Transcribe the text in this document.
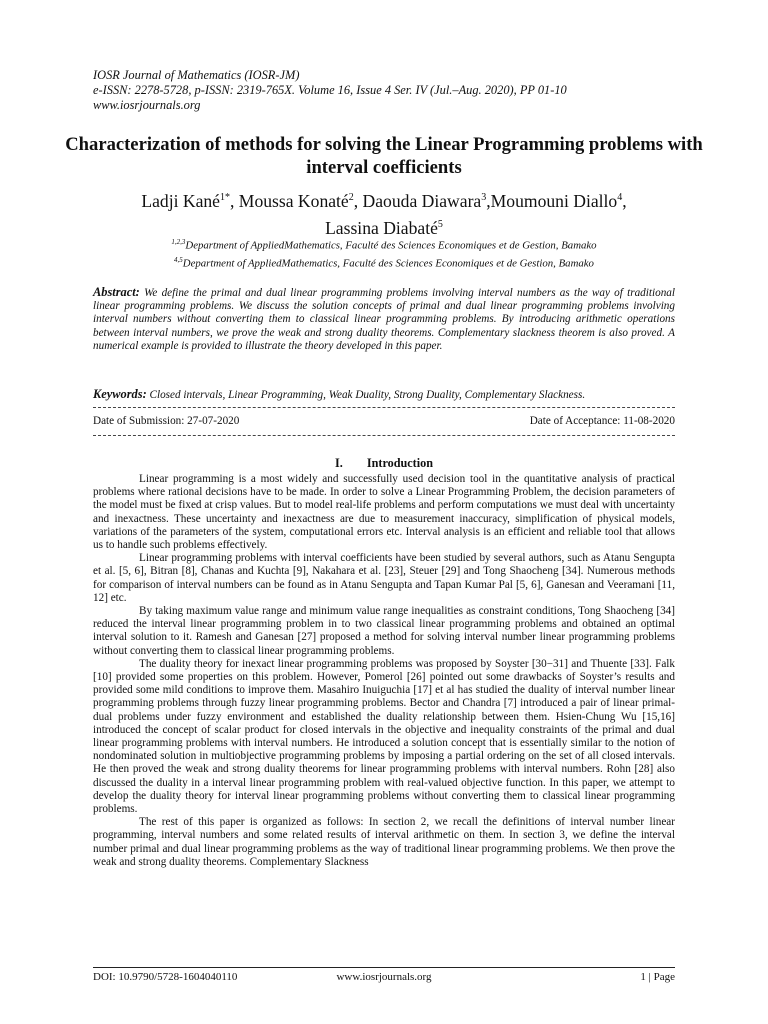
IOSR Journal of Mathematics (IOSR-JM)
e-ISSN: 2278-5728, p-ISSN: 2319-765X. Volume 16, Issue 4 Ser. IV (Jul.–Aug. 2020), PP 01-10
www.iosrjournals.org
Characterization of methods for solving the Linear Programming problems with interval coefficients
Ladji Kané$^{1*}$, Moussa Konaté$^2$, Daouda Diawara$^3$,Moumouni Diallo$^4$,
Lassina Diabaté$^5$
$^{1,2,3}$Department of AppliedMathematics, Faculté des Sciences Economiques et de Gestion, Bamako
$^{4,5}$Department of AppliedMathematics, Faculté des Sciences Economiques et de Gestion, Bamako
Abstract: We define the primal and dual linear programming problems involving interval numbers as the way of traditional linear programming problems. We discuss the solution concepts of primal and dual linear programming problems involving interval numbers without converting them to classical linear programming problems. By introducing arithmetic operations between interval numbers, we prove the weak and strong duality theorems. Complementary slackness theorem is also proved. A numerical example is provided to illustrate the theory developed in this paper.
Keywords: Closed intervals, Linear Programming, Weak Duality, Strong Duality, Complementary Slackness.
Date of Submission: 27-07-2020	Date of Acceptance: 11-08-2020
I. Introduction

Linear programming is a most widely and successfully used decision tool in the quantitative analysis of practical problems where rational decisions have to be made. In order to solve a Linear Programming Problem, the decision parameters of the model must be fixed at crisp values. But to model real-life problems and perform computations we must deal with uncertainty and inexactness. These uncertainty and inexactness are due to measurement inaccuracy, simplification of physical models, variations of the parameters of the system, computational errors etc. Interval analysis is an efficient and reliable tool that allows us to handle such problems effectively.

Linear programming problems with interval coefficients have been studied by several authors, such as Atanu Sengupta et al. [5, 6], Bitran [8], Chanas and Kuchta [9], Nakahara et al. [23], Steuer [29] and Tong Shaocheng [34]. Numerous methods for comparison of interval numbers can be found as in Atanu Sengupta and Tapan Kumar Pal [5, 6], Ganesan and Veeramani [11, 12] etc.

By taking maximum value range and minimum value range inequalities as constraint conditions, Tong Shaocheng [34] reduced the interval linear programming problem in to two classical linear programming problems and obtained an optimal interval solution to it. Ramesh and Ganesan [27] proposed a method for solving interval number linear programming problems without converting them to classical linear programming problems.

The duality theory for inexact linear programming problems was proposed by Soyster [30−31] and Thuente [33]. Falk [10] provided some properties on this problem. However, Pomerol [26] pointed out some drawbacks of Soyster’s results and provided some mild conditions to improve them. Masahiro Inuiguchia [17] et al has studied the duality of interval number linear programming problems through fuzzy linear programming problems. Bector and Chandra [7] introduced a pair of linear primal-dual problems under fuzzy environment and established the duality relationship between them. Hsien-Chung Wu [15,16] introduced the concept of scalar product for closed intervals in the objective and inequality constraints of the primal and dual linear programming problems with interval numbers. He introduced a solution concept that is essentially similar to the notion of nondominated solution in multiobjective programming problems by imposing a partial ordering on the set of all closed intervals. He then proved the weak and strong duality theorems for linear programming problems with interval numbers. Rohn [28] also discussed the duality in a interval linear programming problem with real-valued objective function. In this paper, we attempt to develop the duality theory for interval linear programming problems without converting them to classical linear programming problems.

The rest of this paper is organized as follows: In section 2, we recall the definitions of interval number linear programming, interval numbers and some related results of interval arithmetic on them. In section 3, we define the interval number primal and dual linear programming problems as the way of traditional linear programming problems. We then prove the weak and strong duality theorems. Complementary Slackness

DOI: 10.9790/5728-1604040110	www.iosrjournals.org	1 | Page
